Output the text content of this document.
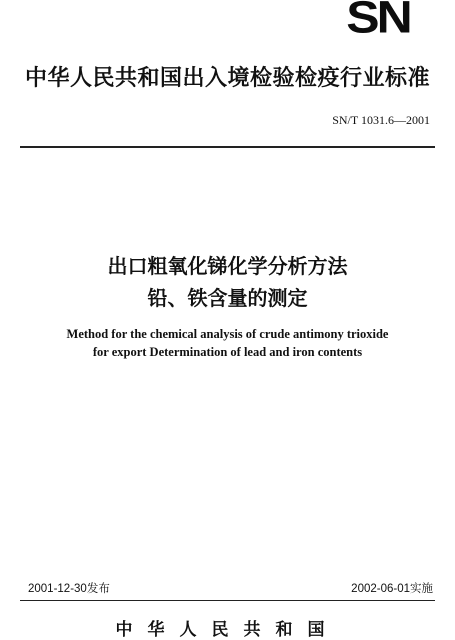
SN
中华人民共和国出入境检验检疫行业标准
SN/T 1031.6—2001
出口粗氧化锑化学分析方法
铅、铁含量的测定
Method for the chemical analysis of crude antimony trioxide
for export Determination of lead and iron contents
2001-12-30发布	2002-06-01实施
中华人民共和国
